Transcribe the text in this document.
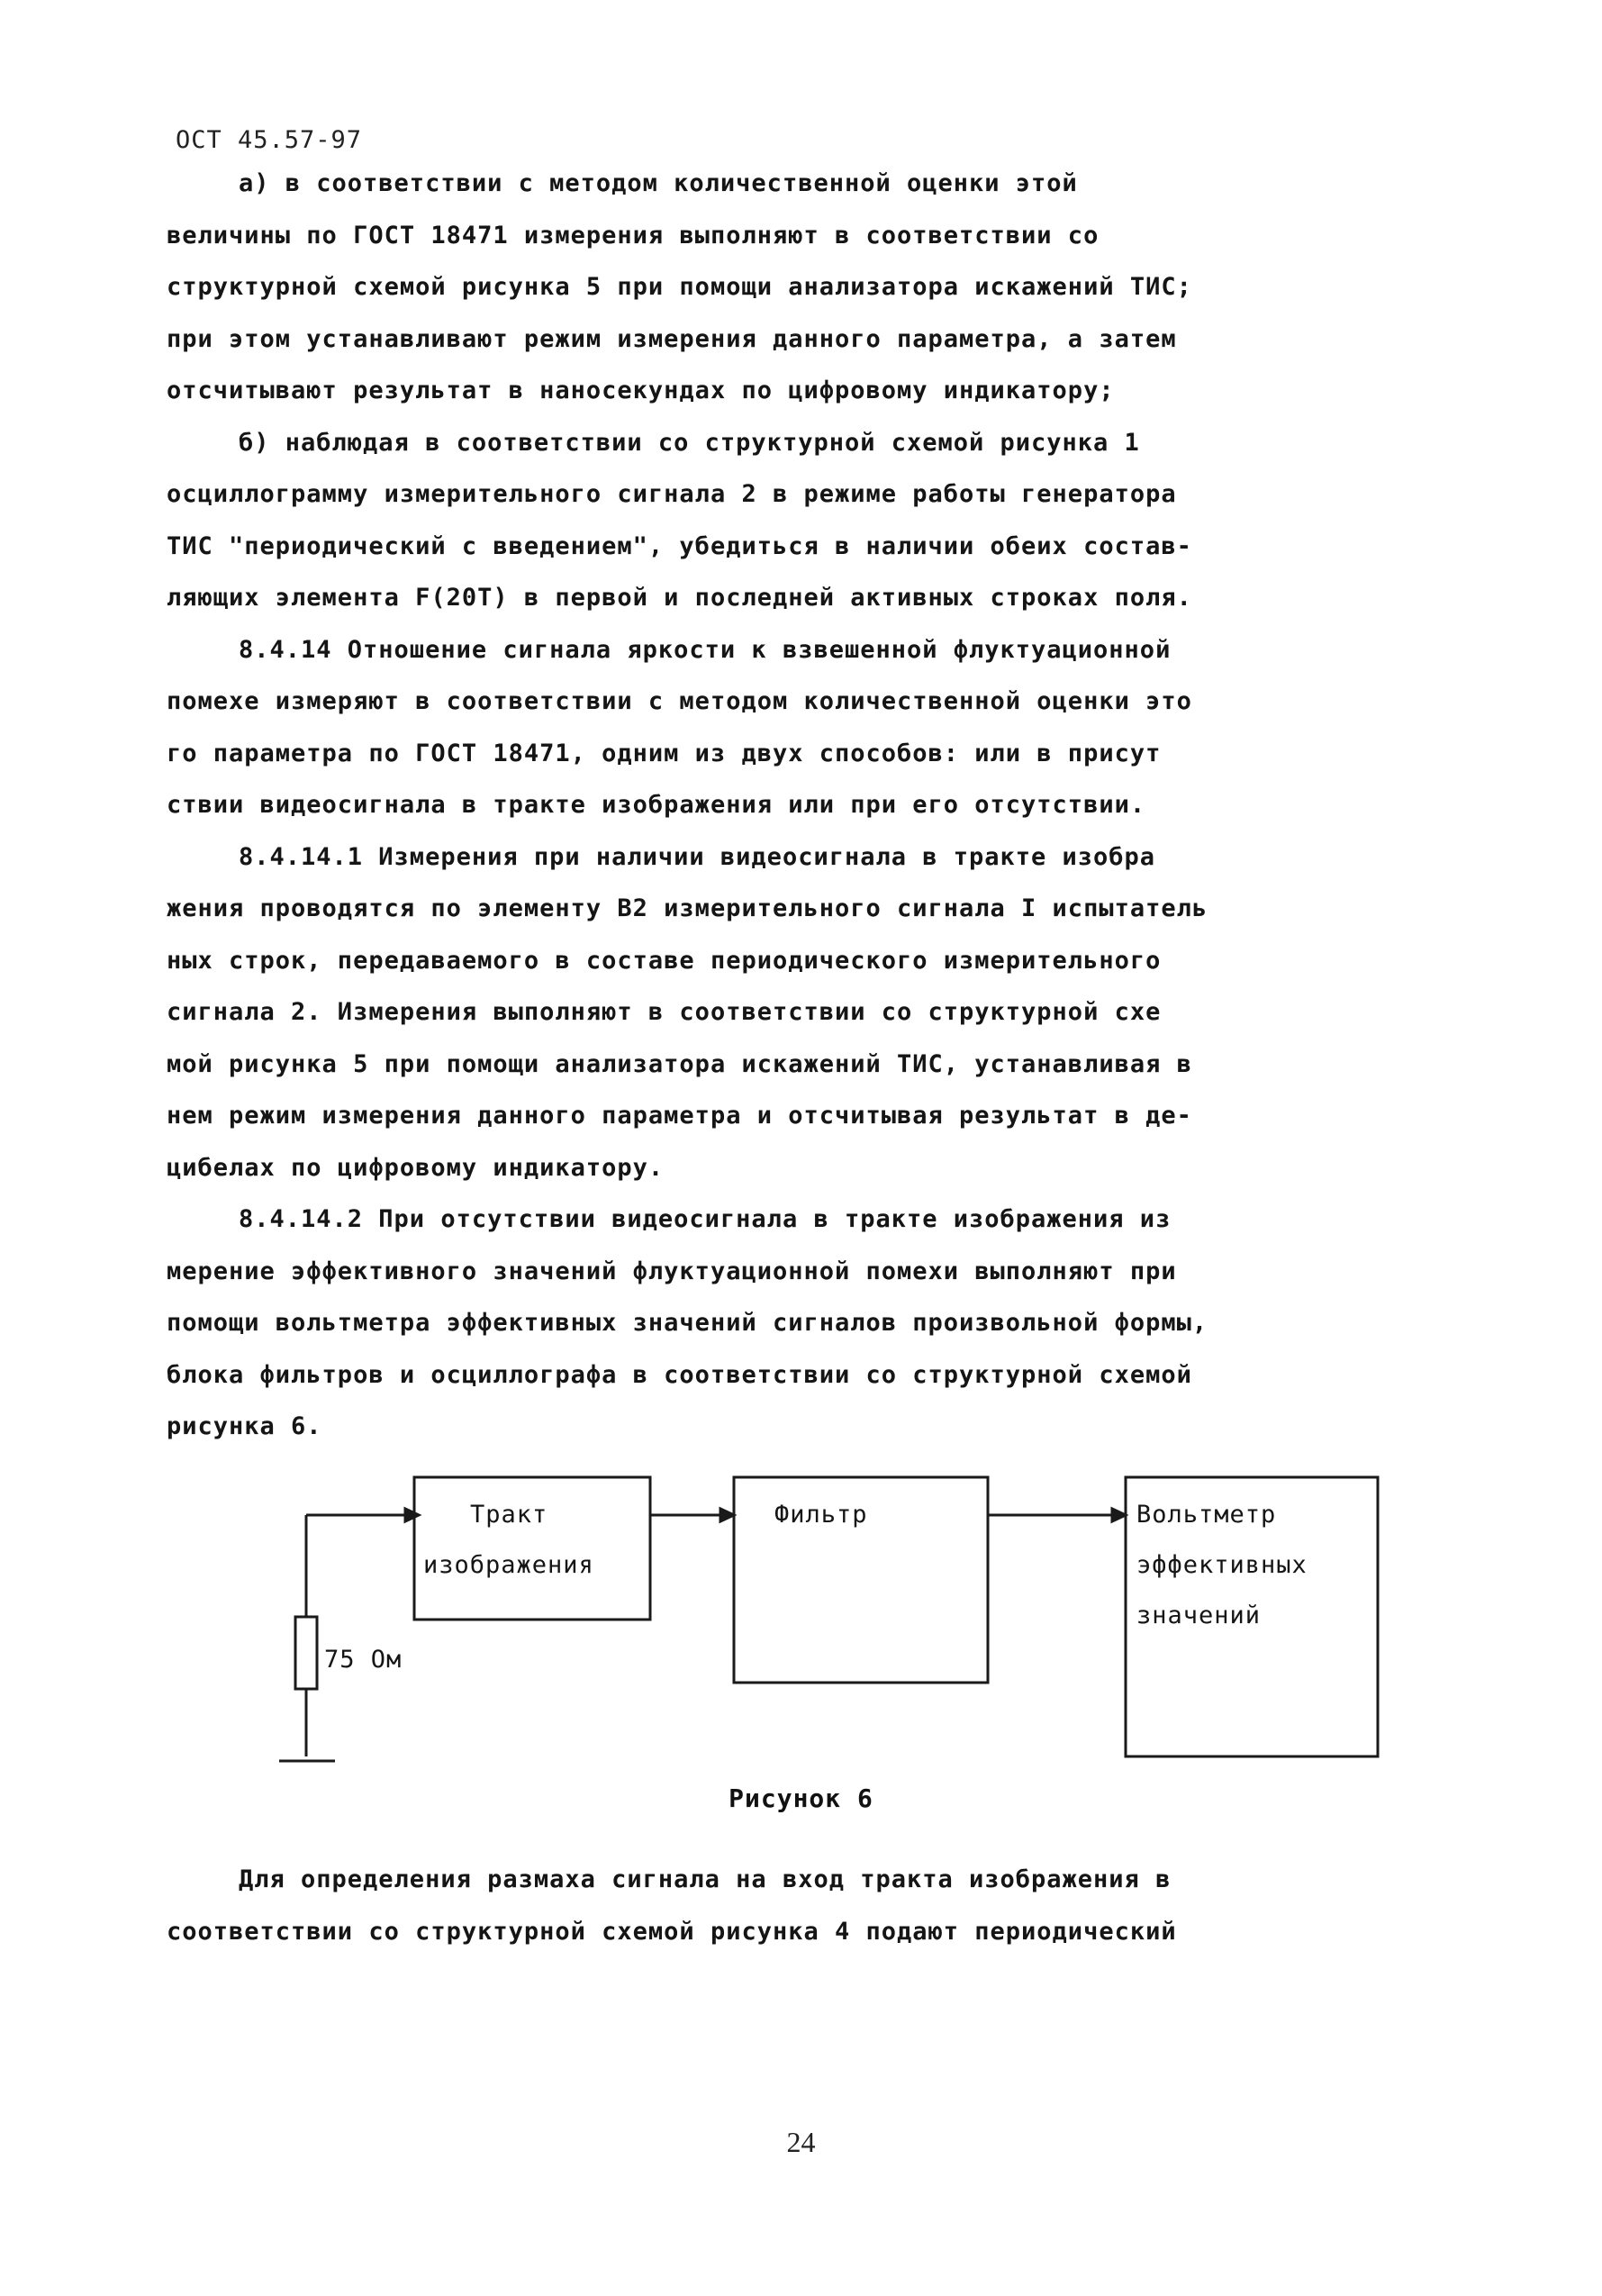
ОСТ 45.57-97

а) в соответствии с методом количественной оценки этой
величины по ГОСТ 18471 измерения выполняют в соответствии со
структурной схемой рисунка 5 при помощи анализатора искажений ТИС;
при этом устанавливают режим измерения данного параметра, а затем
отсчитывают результат в наносекундах по цифровому индикатору;

б) наблюдая в соответствии со структурной схемой рисунка 1
осциллограмму измерительного сигнала 2 в режиме работы генератора
ТИС "периодический с введением", убедиться в наличии обеих состав-
ляющих элемента F(20T) в первой и последней активных строках поля.

8.4.14 Отношение сигнала яркости к взвешенной флуктуационной
помехе измеряют в соответствии с методом количественной оценки это
го параметра по ГОСТ 18471, одним из двух способов: или в присут
ствии видеосигнала в тракте изображения или при его отсутствии.

8.4.14.1 Измерения при наличии видеосигнала в тракте изобра
жения проводятся по элементу B2 измерительного сигнала I испытатель
ных строк, передаваемого в составе периодического измерительного
сигнала 2. Измерения выполняют в соответствии со структурной схе
мой рисунка 5 при помощи анализатора искажений ТИС, устанавливая в
нем режим измерения данного параметра и отсчитывая результат в де-
цибелах по цифровому индикатору.

8.4.14.2 При отсутствии видеосигнала в тракте изображения из
мерение эффективного значений флуктуационной помехи выполняют при
помощи вольтметра эффективных значений сигналов произвольной формы,
блока фильтров и осциллографа в соответствии со структурной схемой
рисунка 6.

75 Ом
Тракт
изображения
Фильтр	Вольтметр
эффективных
значений
Рисунок 6

Для определения размаха сигнала на вход тракта изображения в
соответствии со структурной схемой рисунка 4 подают периодический

24
